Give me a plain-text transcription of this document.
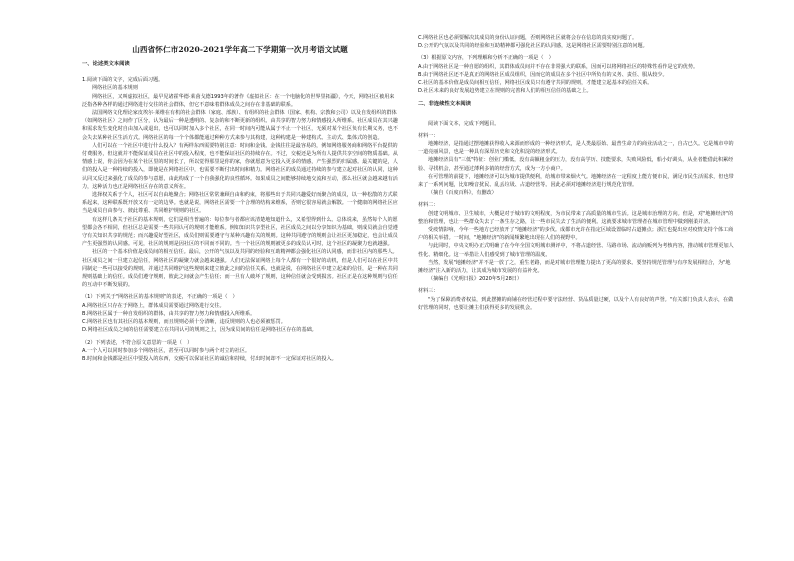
山西省怀仁市2020-2021学年高二下学期第一次月考语文试题

一、论述类文本阅读

1.阅读下面的文字，完成后面习题。

网络社区的基本规则

网络社区，又叫虚拟社区，最早见诸霍华德·莱茵戈德1993年的著作《虚拟社区：在一个电脑化的世界里拓疆》，今天，网络社区被用来泛指各种各样的通过网络进行交往的社会群体，但它不意味着群体成员之间存在非基础的联系。

法国网络文化理论家皮埃尔·莱维在有机的社会群体（家庭、部族）、有组织的社会群体（国家、机构、宗教和公司）以及自发组织的群体（如网络社区）之间作了区分，认为最后一种是透明的、复杂的和不断更新的组织。由共享的智力努力和情感投入所维系。社区成员在其兴趣和需求发生变化时自由加入或退出，也可以同时加入多个社区，在同一时间内可能从属于不止一个社区，无须对某个社区负有长期义务，也不会失去某种社区生活方式。网络社区的每一个个体都能通过种种方式来参与其构建，这种构建是一种建构式、主动式、集体式的创造。

人们可以在一个社区中进行什么投入？有两样东西需要特别注意：时间和金钱。金钱往往是最容易的，例如网络服务商和网络平台提供的付费服务，但这就并不能保证成员在社区中的投入程度，也不能保证社区的持续存在。不过，交税还是为所有人提供共享空间的物质基础。从情感上说，你会因为在某个社区里的时间长了，所以觉得那里是你的家，你就愿意为它投入更多的情感，产生强烈的归属感。最关键的是，人们的投入是一种持续的投入，即使是在网络社区中，也需要不断付出时间和精力。网络社区的成员通过持续的参与建立起对社区的认同，这种认同又反过来强化了成员的参与意愿，由此构成了一个自我强化的良性循环。如果成员之间能够持续地交流和互动，那么社区就会越来越有活力，这种活力也正是网络社区存在的意义所在。

选择权关系于个人，社区可以自由地聚合；网络社区常常兼顾自由和约束，将那些出于共同兴趣爱好而聚合的成员，以一种松散的方式联系起来，这种联系既开放又有一定的边界。也就是说，网络社区需要一个合理的结构来维系，否则它很容易就会解散。一个健康的网络社区应当是成员自由参与、彼此尊重、共同维护规则的社区。

有这样几条关于社区的基本规则，它们是相当普遍的：每位参与者都应该清楚地知道什么，又希望得到什么。总体说来，虽然每个人的愿望都会各不相同，但社区总是需要一些共同认可的规则才能维系。例如知识共享型社区，社区成员之间以分享知识为基础，则成员就会自觉遵守有关知识共享的规范；而兴趣爱好型社区，成员们则需要遵守与某种兴趣有关的规则。这种共同遵守的规则会让社区更加稳定，也会让成员产生更强烈的认同感。可见，社区的规则是因社区的不同而不同的。当一个社区的规则被更多的成员认可时，这个社区的凝聚力也就越强。

社区的一个基本价值是成员间的相互信任。最后，公开的气氛以及共同的经验和互助精神都会强化社区的认同感，而非社区内的那些人。社区成员之间一旦建立起信任，网络社区的凝聚力就会越来越强。人们无法保证网络上每个人都有一个很好的动机，但是人们可以在社区中共同制定一些可以接受的规则，并通过共同维护这些规则来建立彼此之间的信任关系。也就是说，在网络社区中建立起来的信任，是一种在共同规则基础上的信任。成员们遵守规则，彼此之间就会产生信任；而一旦有人破坏了规则，这种信任就会受到损害。社区正是在这种规则与信任的互动中不断发展的。

（1）下列关于"网络社区的基本规则"的表述，不正确的一项是（　）

A.网络社区只存在于网络上，群体成员需要通过网络进行交往。

B.网络社区属于一种自发组织的群体，由共享的智力努力和情感投入所维系。

C.网络社区也有其社区的基本规则，而且规则必须十分清晰，违反规则的人也必须被惩罚。

D.网络社区成员之间的信任需要建立在共同认可的规则之上，因为成员间的信任是网络社区存在的基础。

（2）下列表述，不符合原文意思的一项是（　）

A.一个人可以同时参加多个网络社区，甚至可以同时参与两个对立的社区。

B.时间和金钱都是社区中要投入的东西，交税可以保证社区的诚信和持续，付出时间却不一定保证对社区的投入。

C.网络社区也必须要解决其成员的身份认证问题，否则网络社区就将会存在信息的真实度问题了。

D.公开的气氛以及共同的经验和互助精神都可强化社区的认同感，这是网络社区需要特别注意的问题。

（3）根据原文内容，下列理解和分析不正确的一项是（　）

A.由于网络社区是一种自愿的组织，其群体成员间并不存在非常强大的联系，因而可以将网络社区的特殊性看作是它的优势。

B.由于网络社区还不是真正的网络社区成员组织，因而它的成员在多个社区中所负有的义务、责任、服从较少。

C.社区的基本价值是成员间相互信任，网络社区成员只有遵守共同的规则，才能建立起基本的信任关系。

D.社区未来的良好发展趋势建立在规则的完善和人们的相互信任的基础之上。

二、非连续性文本阅读

阅读下面文本，完成下列题目。

材料一：

地摊经济，是指通过摆地摊获得收入来源而形成的一种经济形式，是人类最原始、最普生命力的商业活动之一，自古已久。它是城市中的一道亮丽风景，也是一种具有深厚历史和文化积淀的经济形式。

地摊经济具有"三低"特征：创业门槛低，没有高额租金的压力，没有高学历、技能要求，失败风险低，船小好调头，从业者能借此积累经验、寻找机会，甚至通过薄利多销的经营方式，成为一方小商户。

在可管理的前提下，地摊经济可以为城市提供便利，给城市带来烟火气。地摊经济在一定程度上能方便市民，满足市民生活需求，但也带来了一系列问题，比如噪音扰民、乱丢垃圾、占道经营等。因此必须对地摊经济进行规范化管理。

（摘自《百度百科》，有删改）

材料二：

创建文明城市、卫生城市，大概是对于城市的文明程度，为市民带来了高质量的城市生活。这是城市治理的方向。但是，对"地摊经济"的整治和管理，也让一些群众失去了一条生存之路，让一些市民失去了生活的便利。这就要求城市管理者在城市管理中做到刚柔并济。

受疫情影响，今年一些地方已经放开了"地摊经济"的步伐。成都市允许在指定区域设置临时占道摊点；浙江也提出应对疫情支持个体工商户的相关举措。一时间，"地摊经济"的新闻频繁地出现在人们的视野中。

与此同时，中央文明办正式明确了在今年全国文明城市测评中，不将占道经营、马路市场、流动商贩列为考核内容，推动城市管理更加人性化、精细化。这一举措让人们感受到了城市管理的温度。

当然，发展"地摊经济"并不是一放了之，重生老路，而是对城市管理能力提出了更高的要求。要坚持规范管理与有序发展相结合，为"地摊经济"注入新的活力，让其成为城市发展的有益补充。

（摘编自《光明日报》2020年5月28日）

材料三：

"为了保障消费者权益，到此摆摊的商铺在经营过程中要守法经营、货品质量过硬，以及个人有良好的声誉。"有关部门负责人表示，在做好管理的同时，也要让摊主们获得更多的发展机会。
